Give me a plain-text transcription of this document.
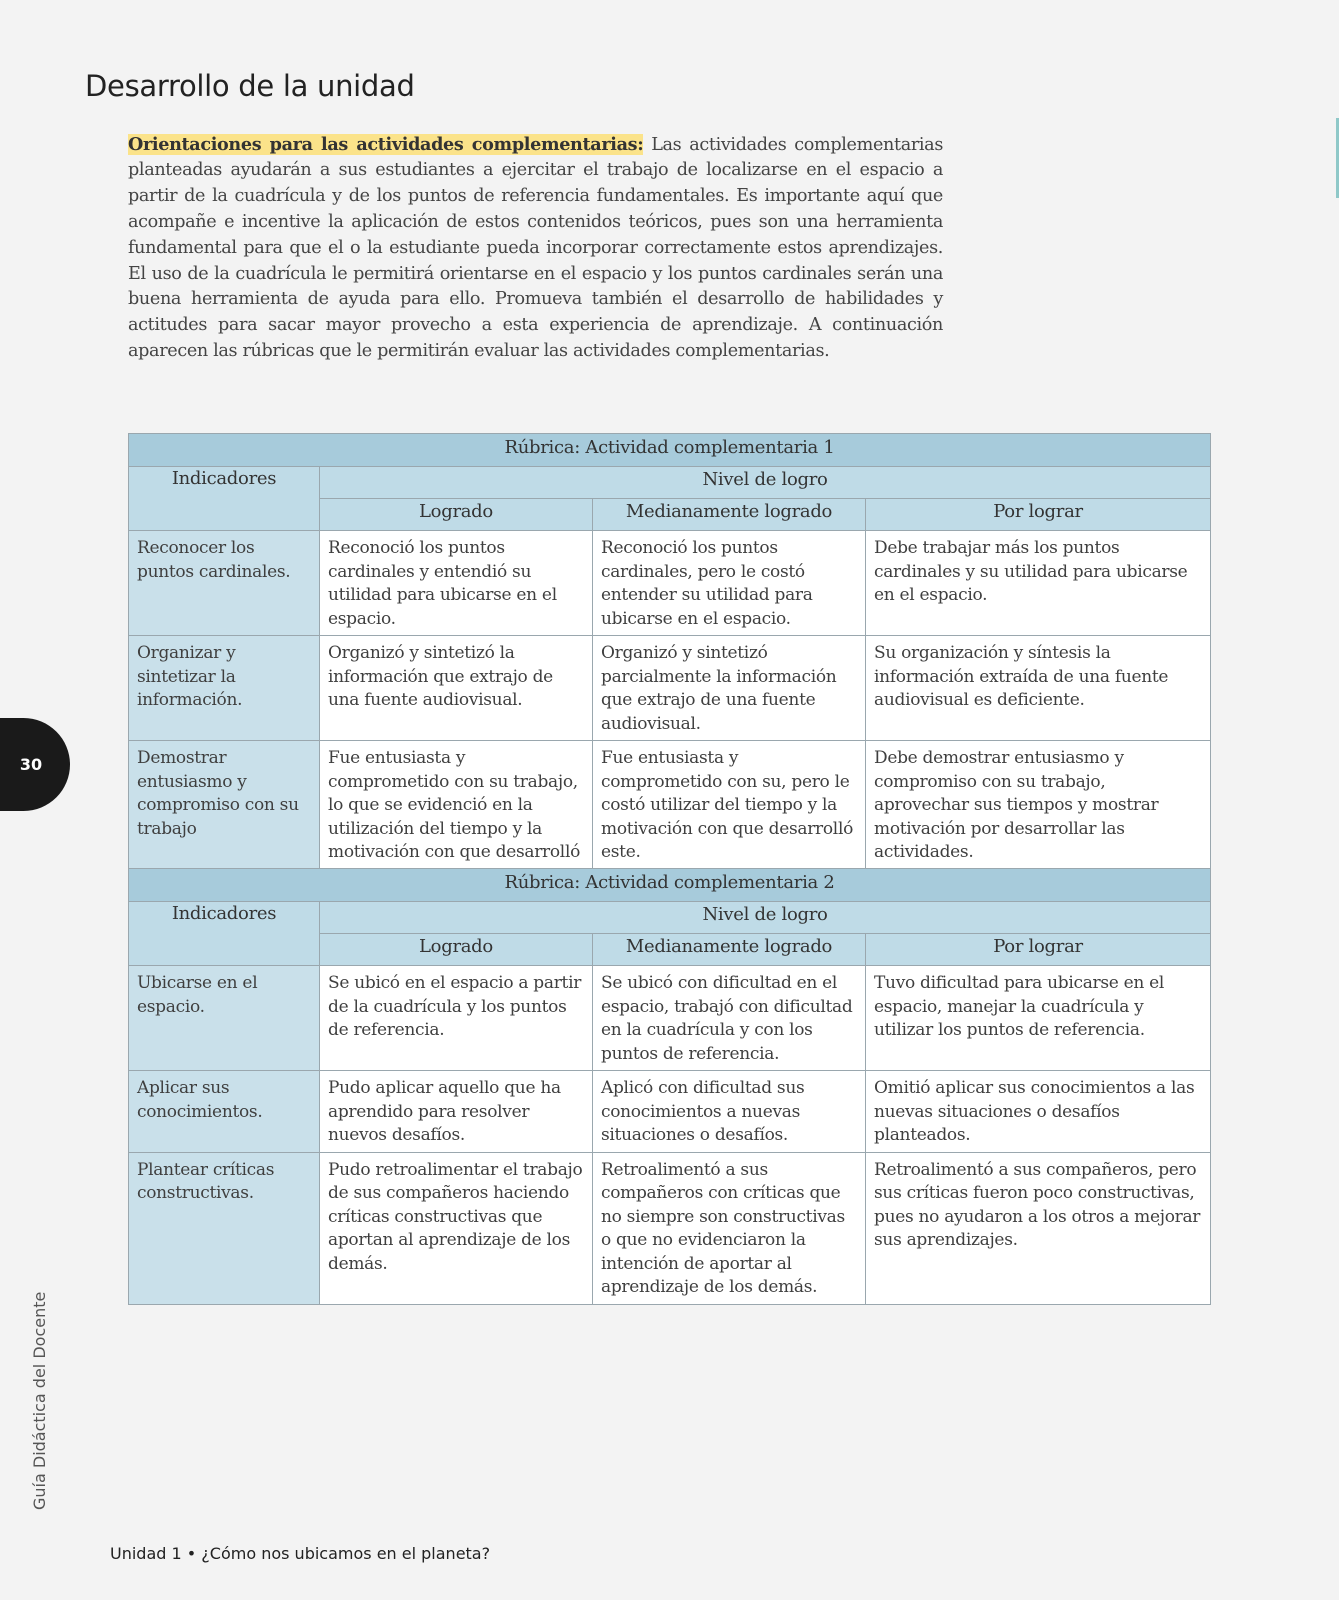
Desarrollo de la unidad

Orientaciones para las actividades complementarias: Las actividades complementarias planteadas ayudarán a sus estudiantes a ejercitar el trabajo de localizarse en el espacio a partir de la cuadrícula y de los puntos de referencia fundamentales. Es importante aquí que acompañe e incentive la aplicación de estos contenidos teóricos, pues son una herramienta fundamental para que el o la estudiante pueda incorporar correctamente estos aprendizajes. El uso de la cuadrícula le permitirá orientarse en el espacio y los puntos cardinales serán una buena herramienta de ayuda para ello. Promueva también el desarrollo de habilidades y actitudes para sacar mayor provecho a esta experiencia de aprendizaje. A continuación aparecen las rúbricas que le permitirán evaluar las actividades complementarias.

Rúbrica: Actividad complementaria 1			
Indicadores	Nivel de logro		
	Logrado	Medianamente logrado	Por lograr
Reconocer los puntos cardinales.	Reconoció los puntos cardinales y entendió su utilidad para ubicarse en el espacio.	Reconoció los puntos cardinales, pero le costó entender su utilidad para ubicarse en el espacio.	Debe trabajar más los puntos cardinales y su utilidad para ubicarse en el espacio.
Organizar y sintetizar la información.	Organizó y sintetizó la información que extrajo de una fuente audiovisual.	Organizó y sintetizó parcialmente la información que extrajo de una fuente audiovisual.	Su organización y síntesis la información extraída de una fuente audiovisual es deficiente.
Demostrar entusiasmo y compromiso con su trabajo	Fue entusiasta y comprometido con su trabajo, lo que se evidenció en la utilización del tiempo y la motivación con que desarrolló	Fue entusiasta y comprometido con su, pero le costó utilizar del tiempo y la motivación con que desarrolló este.	Debe demostrar entusiasmo y compromiso con su trabajo, aprovechar sus tiempos y mostrar motivación por desarrollar las actividades.
Rúbrica: Actividad complementaria 2			
Indicadores	Nivel de logro		
	Logrado	Medianamente logrado	Por lograr
Ubicarse en el espacio.	Se ubicó en el espacio a partir de la cuadrícula y los puntos de referencia.	Se ubicó con dificultad en el espacio, trabajó con dificultad en la cuadrícula y con los puntos de referencia.	Tuvo dificultad para ubicarse en el espacio, manejar la cuadrícula y utilizar los puntos de referencia.
Aplicar sus conocimientos.	Pudo aplicar aquello que ha aprendido para resolver nuevos desafíos.	Aplicó con dificultad sus conocimientos a nuevas situaciones o desafíos.	Omitió aplicar sus conocimientos a las nuevas situaciones o desafíos planteados.
Plantear críticas constructivas.	Pudo retroalimentar el trabajo de sus compañeros haciendo críticas constructivas que aportan al aprendizaje de los demás.	Retroalimentó a sus compañeros con críticas que no siempre son constructivas o que no evidenciaron la intención de aportar al aprendizaje de los demás.	Retroalimentó a sus compañeros, pero sus críticas fueron poco constructivas, pues no ayudaron a los otros a mejorar sus aprendizajes.
30
Guía Didáctica del Docente
Unidad 1 • ¿Cómo nos ubicamos en el planeta?
